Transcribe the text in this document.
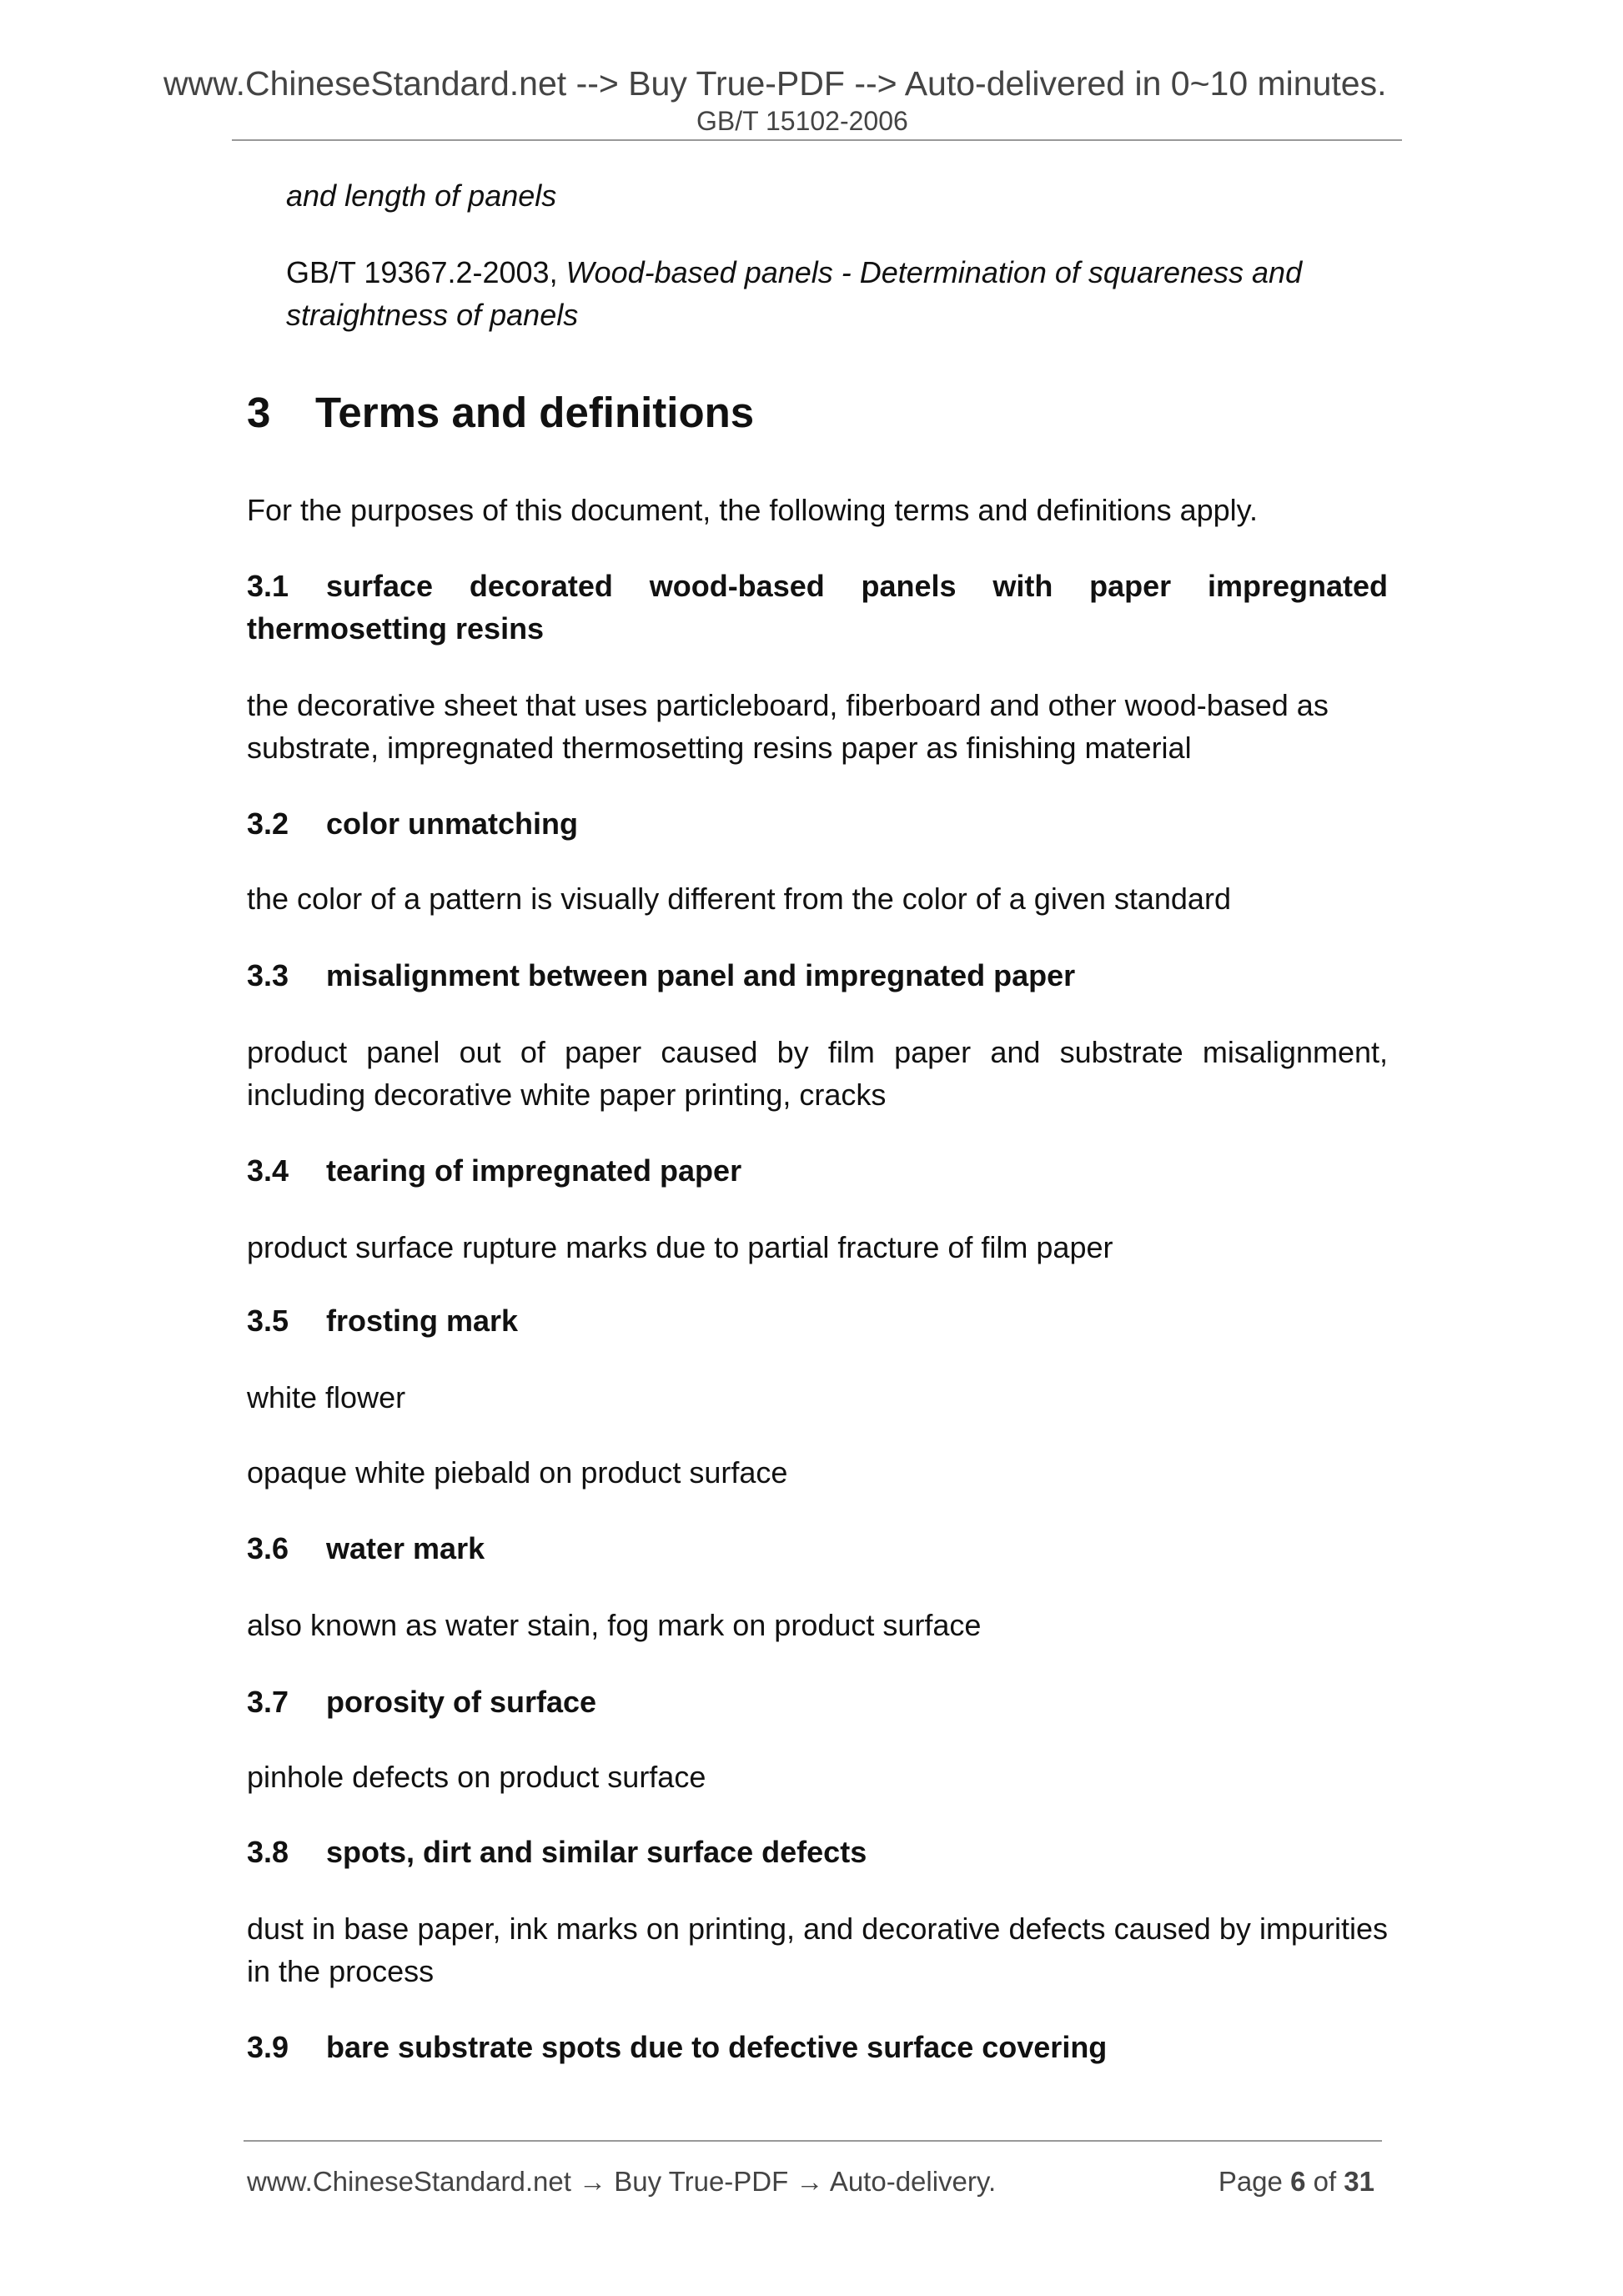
www.ChineseStandard.net --> Buy True-PDF --> Auto-delivered in 0~10 minutes.
GB/T 15102-2006
and length of panels
GB/T 19367.2-2003, Wood-based panels - Determination of squareness and straightness of panels
3 Terms and definitions
For the purposes of this document, the following terms and definitions apply.
3.1 surface decorated wood-based panels with paper impregnated thermosetting resins
the decorative sheet that uses particleboard, fiberboard and other wood-based as substrate, impregnated thermosetting resins paper as finishing material
3.2 color unmatching
the color of a pattern is visually different from the color of a given standard
3.3 misalignment between panel and impregnated paper
product panel out of paper caused by film paper and substrate misalignment, including decorative white paper printing, cracks
3.4 tearing of impregnated paper
product surface rupture marks due to partial fracture of film paper
3.5 frosting mark
white flower
opaque white piebald on product surface
3.6 water mark
also known as water stain, fog mark on product surface
3.7 porosity of surface
pinhole defects on product surface
3.8 spots, dirt and similar surface defects
dust in base paper, ink marks on printing, and decorative defects caused by impurities in the process
3.9 bare substrate spots due to defective surface covering
www.ChineseStandard.net → Buy True-PDF → Auto-delivery.	Page 6 of 31
